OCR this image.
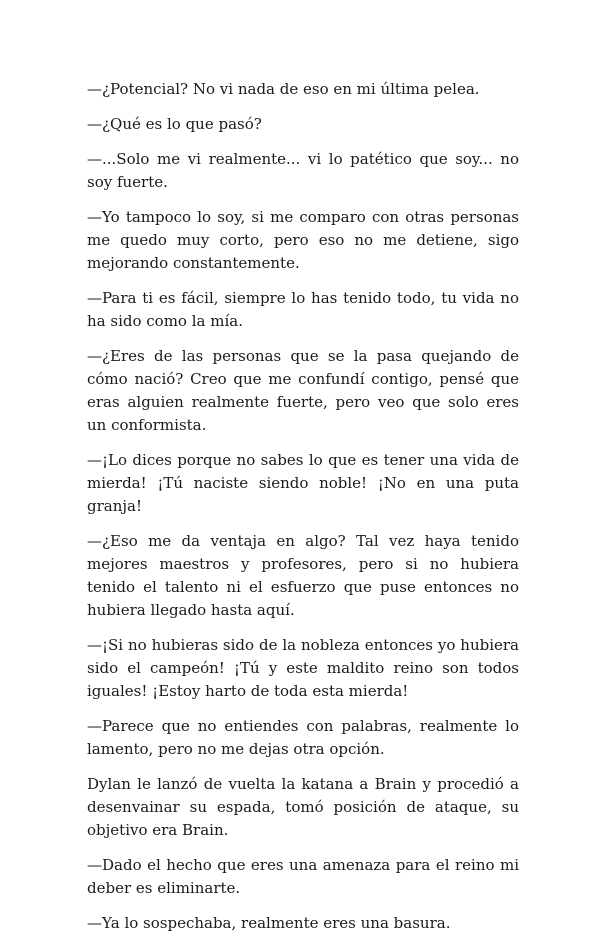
—¿Potencial? No vi nada de eso en mi última pelea.

—¿Qué es lo que pasó?

—...Solo me vi realmente... vi lo patético que soy... no soy fuerte.

—Yo tampoco lo soy, si me comparo con otras personas me quedo muy corto, pero eso no me detiene, sigo mejorando constantemente.

—Para ti es fácil, siempre lo has tenido todo, tu vida no ha sido como la mía.

—¿Eres de las personas que se la pasa quejando de cómo nació? Creo que me confundí contigo, pensé que eras alguien realmente fuerte, pero veo que solo eres un conformista.

—¡Lo dices porque no sabes lo que es tener una vida de mierda! ¡Tú naciste siendo noble! ¡No en una puta granja!

—¿Eso me da ventaja en algo? Tal vez haya tenido mejores maestros y profesores, pero si no hubiera tenido el talento ni el esfuerzo que puse entonces no hubiera llegado hasta aquí.

—¡Si no hubieras sido de la nobleza entonces yo hubiera sido el campeón! ¡Tú y este maldito reino son todos iguales! ¡Estoy harto de toda esta mierda!

—Parece que no entiendes con palabras, realmente lo lamento, pero no me dejas otra opción.

Dylan le lanzó de vuelta la katana a Brain y procedió a desenvainar su espada, tomó posición de ataque, su objetivo era Brain.

—Dado el hecho que eres una amenaza para el reino mi deber es eliminarte.

—Ya lo sospechaba, realmente eres una basura.
